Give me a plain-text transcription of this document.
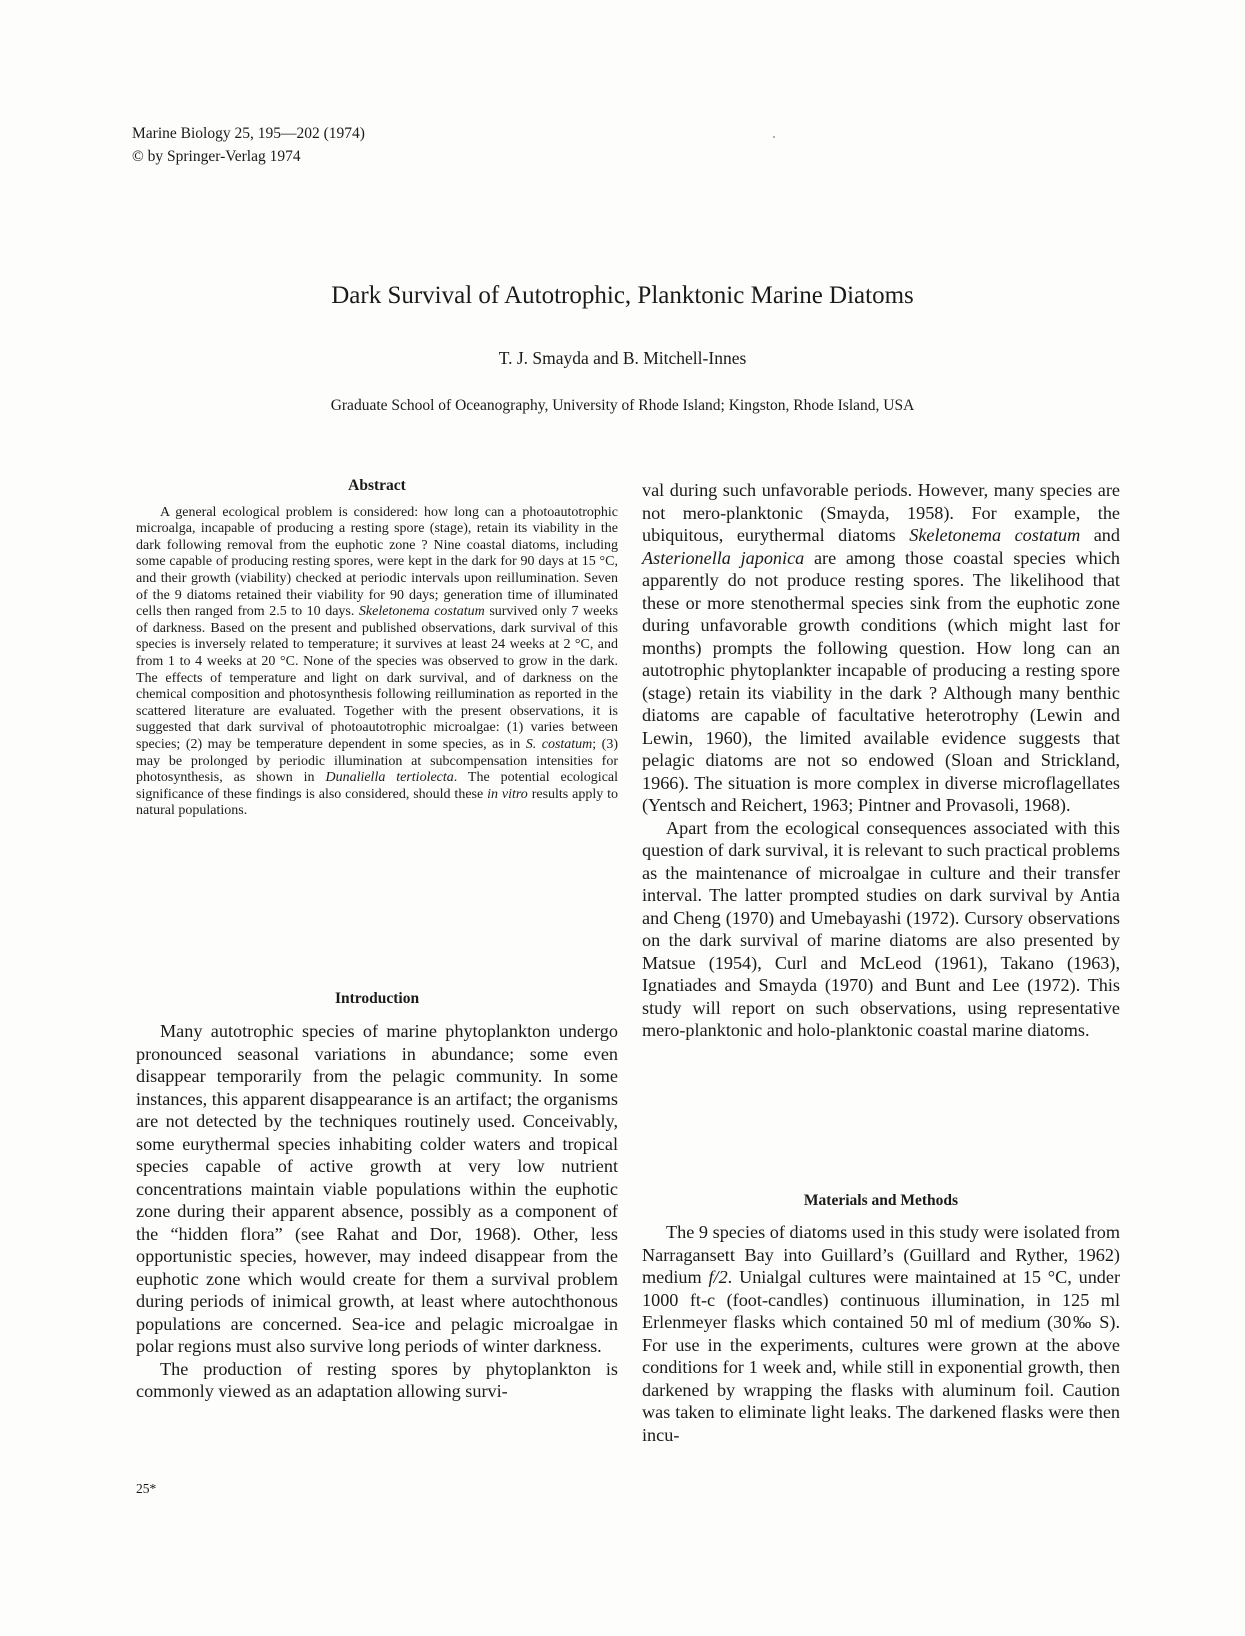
Marine Biology 25, 195—202 (1974)
© by Springer-Verlag 1974
Dark Survival of Autotrophic, Planktonic Marine Diatoms
T. J. Smayda and B. Mitchell-Innes
Graduate School of Oceanography, University of Rhode Island; Kingston, Rhode Island, USA
Abstract

A general ecological problem is considered: how long can a photoautotrophic microalga, incapable of producing a resting spore (stage), retain its viability in the dark following removal from the euphotic zone ? Nine coastal diatoms, including some capable of producing resting spores, were kept in the dark for 90 days at 15 °C, and their growth (viability) checked at periodic intervals upon reillumination. Seven of the 9 diatoms retained their viability for 90 days; generation time of illuminated cells then ranged from 2.5 to 10 days. Skeletonema costatum survived only 7 weeks of darkness. Based on the present and published observations, dark survival of this species is inversely related to temperature; it survives at least 24 weeks at 2 °C, and from 1 to 4 weeks at 20 °C. None of the species was observed to grow in the dark. The effects of temperature and light on dark survival, and of darkness on the chemical composition and photosynthesis following reillumination as reported in the scattered literature are evaluated. Together with the present observations, it is suggested that dark survival of photoautotrophic microalgae: (1) varies between species; (2) may be temperature dependent in some species, as in S. costatum; (3) may be prolonged by periodic illumination at subcompensation intensities for photosynthesis, as shown in Dunaliella tertiolecta. The potential ecological significance of these findings is also considered, should these in vitro results apply to natural populations.

Introduction

Many autotrophic species of marine phytoplankton undergo pronounced seasonal variations in abundance; some even disappear temporarily from the pelagic community. In some instances, this apparent disappearance is an artifact; the organisms are not detected by the techniques routinely used. Conceivably, some eurythermal species inhabiting colder waters and tropical species capable of active growth at very low nutrient concentrations maintain viable populations within the euphotic zone during their apparent absence, possibly as a component of the “hidden flora” (see Rahat and Dor, 1968). Other, less opportunistic species, however, may indeed disappear from the euphotic zone which would create for them a survival problem during periods of inimical growth, at least where autochthonous populations are concerned. Sea-ice and pelagic microalgae in polar regions must also survive long periods of winter darkness.

The production of resting spores by phytoplankton is commonly viewed as an adaptation allowing survi-

val during such unfavorable periods. However, many species are not mero-planktonic (Smayda, 1958). For example, the ubiquitous, eurythermal diatoms Skeletonema costatum and Asterionella japonica are among those coastal species which apparently do not produce resting spores. The likelihood that these or more stenothermal species sink from the euphotic zone during unfavorable growth conditions (which might last for months) prompts the following question. How long can an autotrophic phytoplankter incapable of producing a resting spore (stage) retain its viability in the dark ? Although many benthic diatoms are capable of facultative heterotrophy (Lewin and Lewin, 1960), the limited available evidence suggests that pelagic diatoms are not so endowed (Sloan and Strickland, 1966). The situation is more complex in diverse microflagellates (Yentsch and Reichert, 1963; Pintner and Provasoli, 1968).

Apart from the ecological consequences associated with this question of dark survival, it is relevant to such practical problems as the maintenance of microalgae in culture and their transfer interval. The latter prompted studies on dark survival by Antia and Cheng (1970) and Umebayashi (1972). Cursory observations on the dark survival of marine diatoms are also presented by Matsue (1954), Curl and McLeod (1961), Takano (1963), Ignatiades and Smayda (1970) and Bunt and Lee (1972). This study will report on such observations, using representative mero-planktonic and holo-planktonic coastal marine diatoms.

Materials and Methods

The 9 species of diatoms used in this study were isolated from Narragansett Bay into Guillard’s (Guillard and Ryther, 1962) medium f/2. Unialgal cultures were maintained at 15 °C, under 1000 ft-c (foot-candles) continuous illumination, in 125 ml Erlenmeyer flasks which contained 50 ml of medium (30‰ S). For use in the experiments, cultures were grown at the above conditions for 1 week and, while still in exponential growth, then darkened by wrapping the flasks with aluminum foil. Caution was taken to eliminate light leaks. The darkened flasks were then incu-

25*
